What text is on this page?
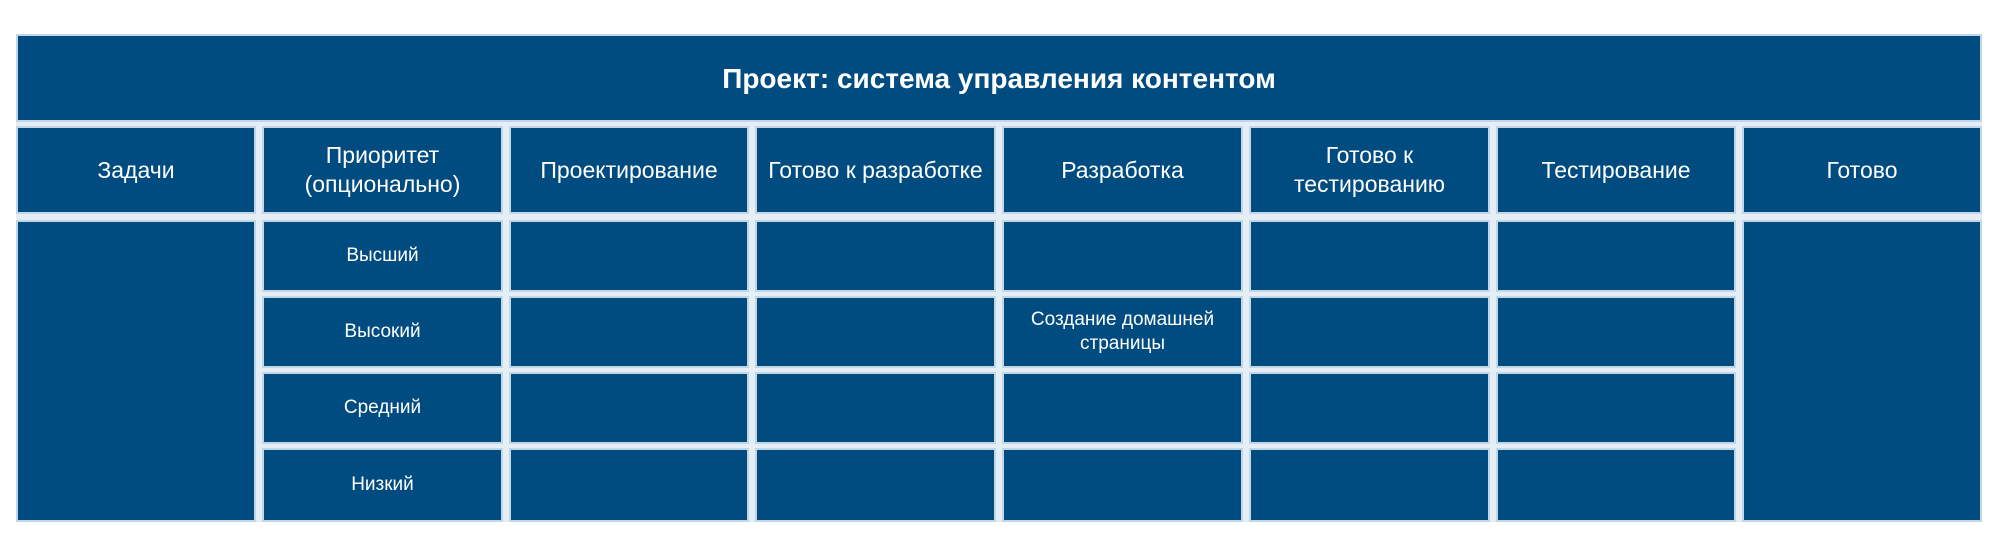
Проект: система управления контентом
Задачи
Приоритет (опционально)
Проектирование Готово к разработке	Разработка
Готово к тестированию
Тестирование	Готово
Высший
Высокий
Создание домашней страницы
Средний
Низкий
